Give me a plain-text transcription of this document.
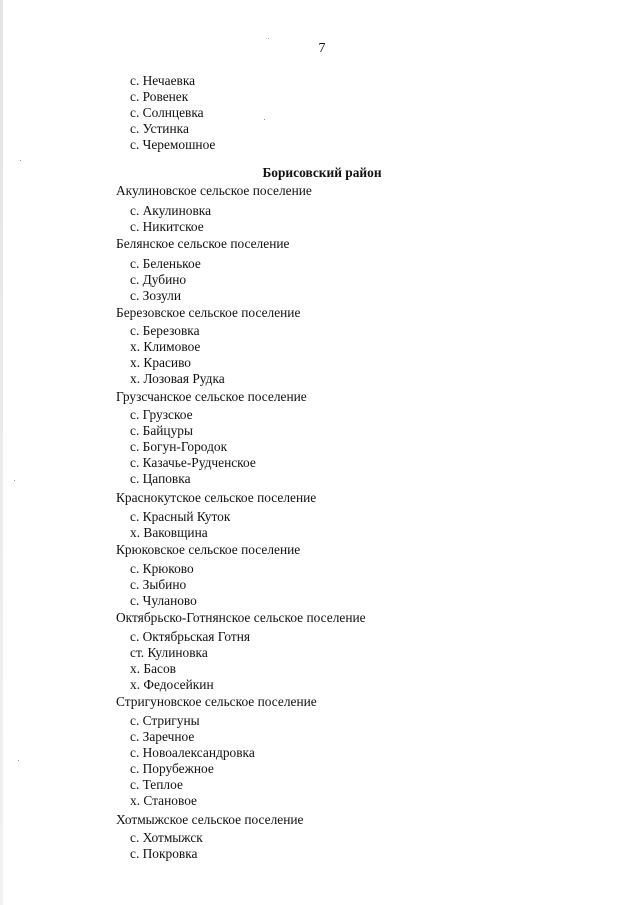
7
с. Нечаевка
с. Ровенек
с. Солнцевка
с. Устинка
с. Черемошное
Борисовский район
Акулиновское сельское поселение
с. Акулиновка
с. Никитское
Белянское сельское поселение
с. Беленькое
с. Дубино
с. Зозули
Березовское сельское поселение
с. Березовка
х. Климовое
х. Красиво
х. Лозовая Рудка
Грузсчанское сельское поселение
с. Грузское
с. Байцуры
с. Богун-Городок
с. Казачье-Рудченское
с. Цаповка
Краснокутское сельское поселение
с. Красный Куток
х. Ваковщина
Крюковское сельское поселение
с. Крюково
с. Зыбино
с. Чуланово
Октябрьско-Готнянское сельское поселение
с. Октябрьская Готня
ст. Кулиновка
х. Басов
х. Федосейкин
Стригуновское сельское поселение
с. Стригуны
с. Заречное
с. Новоалександровка
с. Порубежное
с. Теплое
х. Становое
Хотмыжское сельское поселение
с. Хотмыжск
с. Покровка
